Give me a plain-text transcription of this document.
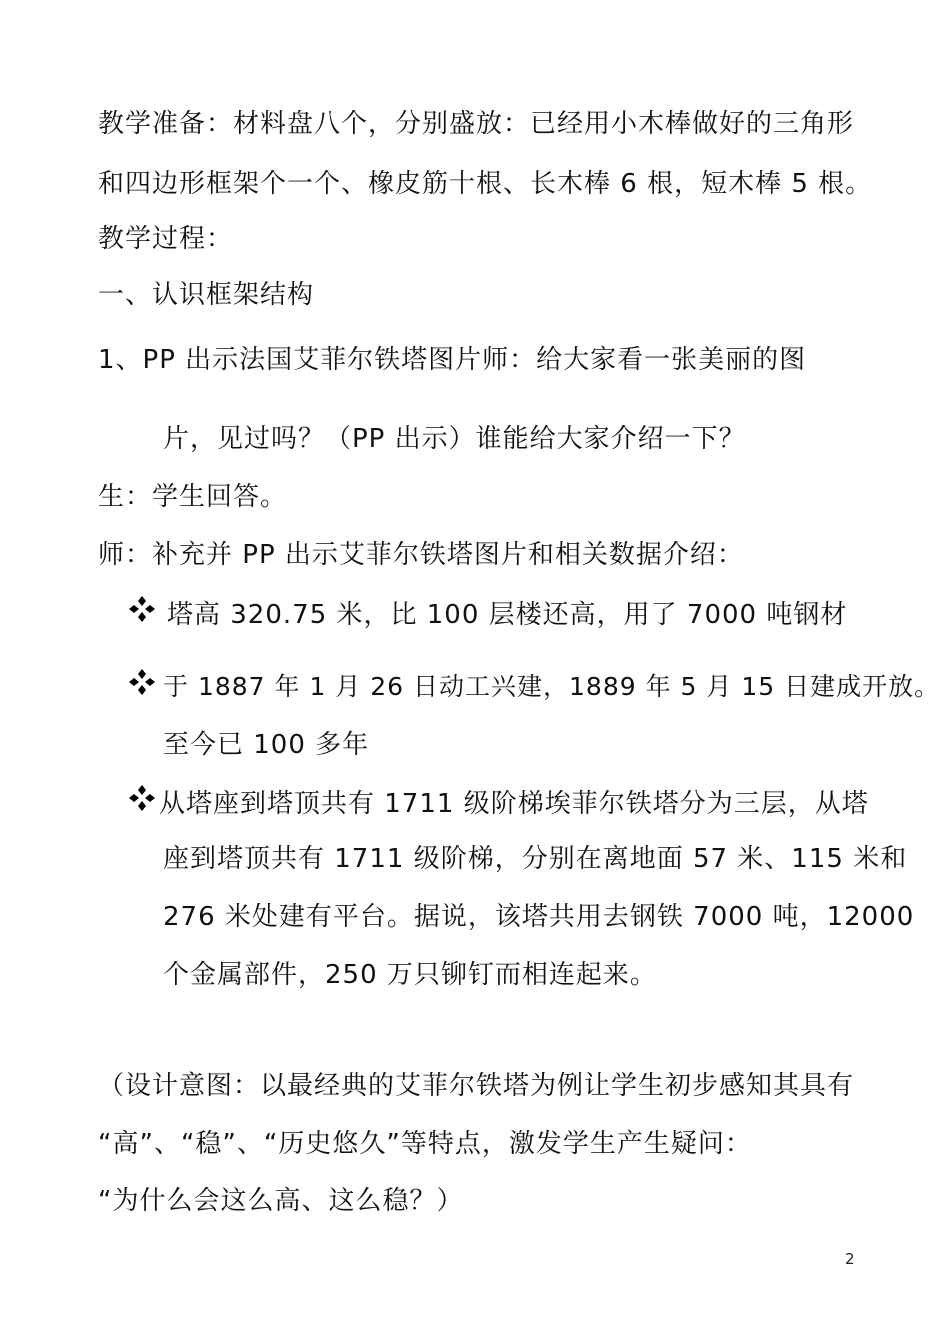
教学准备：材料盘八个，分别盛放：已经用小木棒做好的三角形
和四边形框架个一个、橡皮筋十根、长木棒 6 根，短木棒 5 根。
教学过程：
一、认识框架结构
1、PP 出示法国艾菲尔铁塔图片师：给大家看一张美丽的图
片，见过吗？（PP 出示）谁能给大家介绍一下？
生：学生回答。
师：补充并 PP 出示艾菲尔铁塔图片和相关数据介绍：
塔高 320.75 米，比 100 层楼还高，用了 7000 吨钢材
于 1887 年 1 月 26 日动工兴建，1889 年 5 月 15 日建成开放。
至今已 100 多年
从塔座到塔顶共有 1711 级阶梯埃菲尔铁塔分为三层，从塔
座到塔顶共有 1711 级阶梯，分别在离地面 57 米、115 米和
276 米处建有平台。据说，该塔共用去钢铁 7000 吨，12000
个金属部件，250 万只铆钉而相连起来。
（设计意图：以最经典的艾菲尔铁塔为例让学生初步感知其具有
“高”、“稳”、“历史悠久”等特点，激发学生产生疑问：
“为什么会这么高、这么稳？）
2
